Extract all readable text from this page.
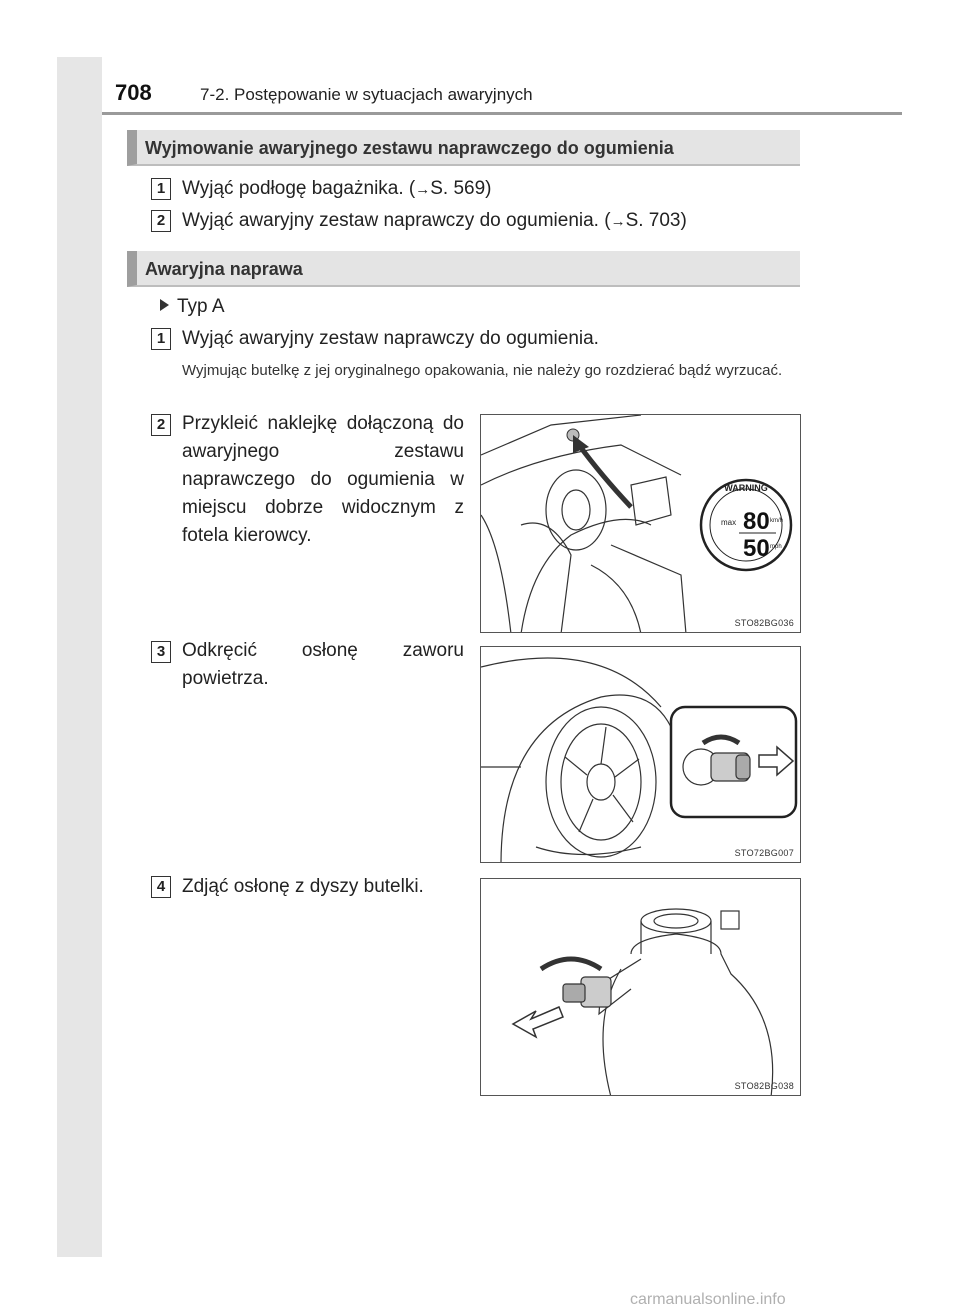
708	7-2. Postępowanie w sytuacjach awaryjnych
Wyjmowanie awaryjnego zestawu naprawczego do ogumienia
1 Wyjąć podłogę bagażnika. (→S. 569)
2 Wyjąć awaryjny zestaw naprawczy do ogumienia. (→S. 703)
Awaryjna naprawa
Typ A
1 Wyjąć awaryjny zestaw naprawczy do ogumienia.
Wyjmując butelkę z jej oryginalnego opakowania, nie należy go rozdzierać bądź wyrzucać.
2 Przykleić naklejkę dołączoną do awaryjnego zestawu naprawczego do ogumienia w miejscu dobrze widocznym z fotela kierowcy.
3 Odkręcić osłonę zaworu powietrza.
4 Zdjąć osłonę z dyszy butelki.
WARNING
max 80 km/h
50 mph
STO82BG036
STO72BG007
STO82BG038
carmanualsonline.info
